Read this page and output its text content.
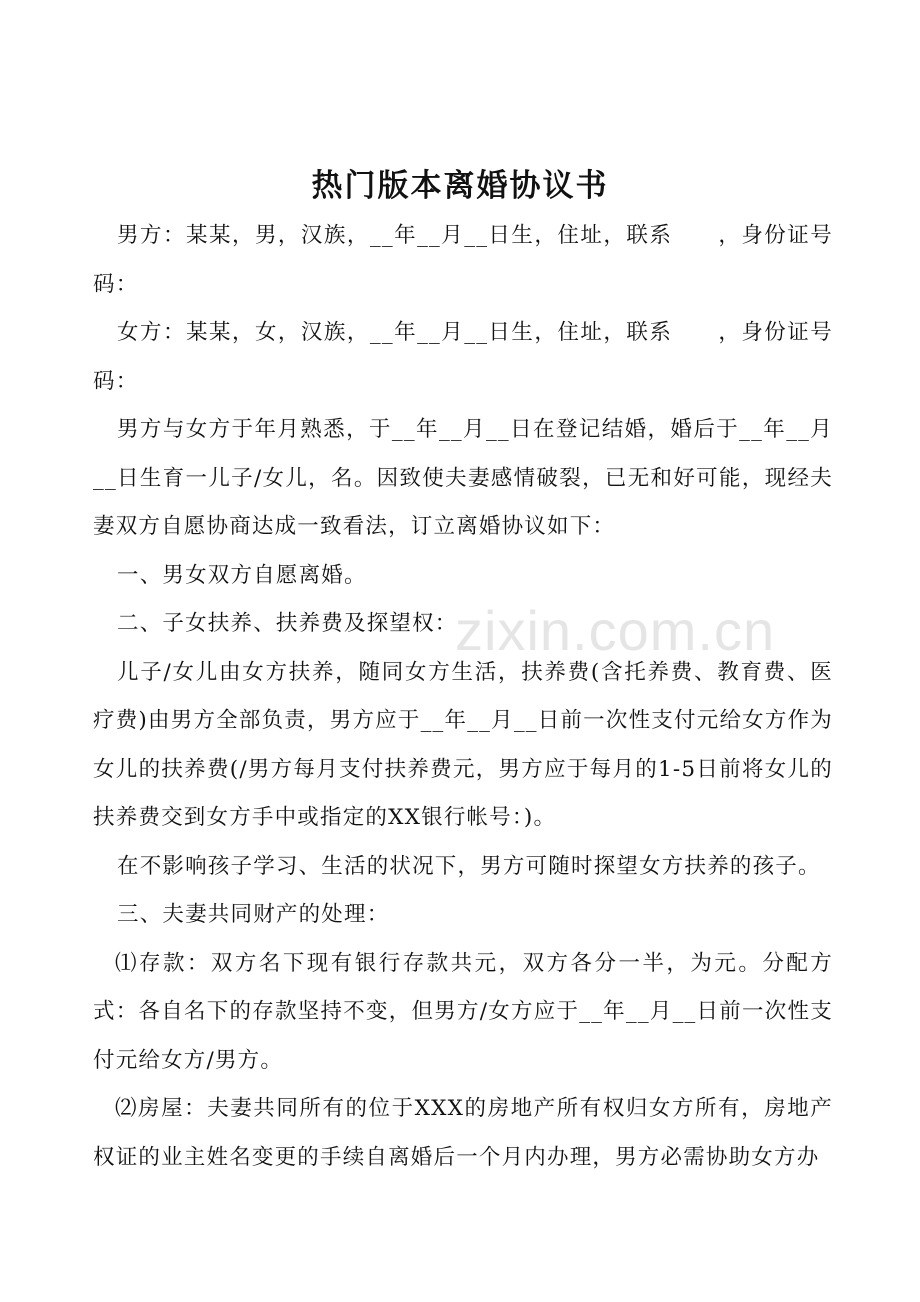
热门版本离婚协议书

男方：某某，男，汉族，__年__月__日生，住址，联系　　，身份证号码：

女方：某某，女，汉族，__年__月__日生，住址，联系　　，身份证号码：

男方与女方于年月熟悉，于__年__月__日在登记结婚，婚后于__年__月__日生育一儿子/女儿，名。因致使夫妻感情破裂，已无和好可能，现经夫妻双方自愿协商达成一致看法，订立离婚协议如下：

一、男女双方自愿离婚。

二、子女扶养、扶养费及探望权：

儿子/女儿由女方扶养，随同女方生活，扶养费(含托养费、教育费、医疗费)由男方全部负责，男方应于__年__月__日前一次性支付元给女方作为女儿的扶养费(/男方每月支付扶养费元，男方应于每月的1-5日前将女儿的扶养费交到女方手中或指定的XX银行帐号：)。

在不影响孩子学习、生活的状况下，男方可随时探望女方扶养的孩子。

三、夫妻共同财产的处理：

⑴存款：双方名下现有银行存款共元，双方各分一半，为元。分配方式：各自名下的存款坚持不变，但男方/女方应于__年__月__日前一次性支付元给女方/男方。

⑵房屋：夫妻共同所有的位于XXX的房地产所有权归女方所有，房地产权证的业主姓名变更的手续自离婚后一个月内办理，男方必需协助女方办

zixin.com.cn
